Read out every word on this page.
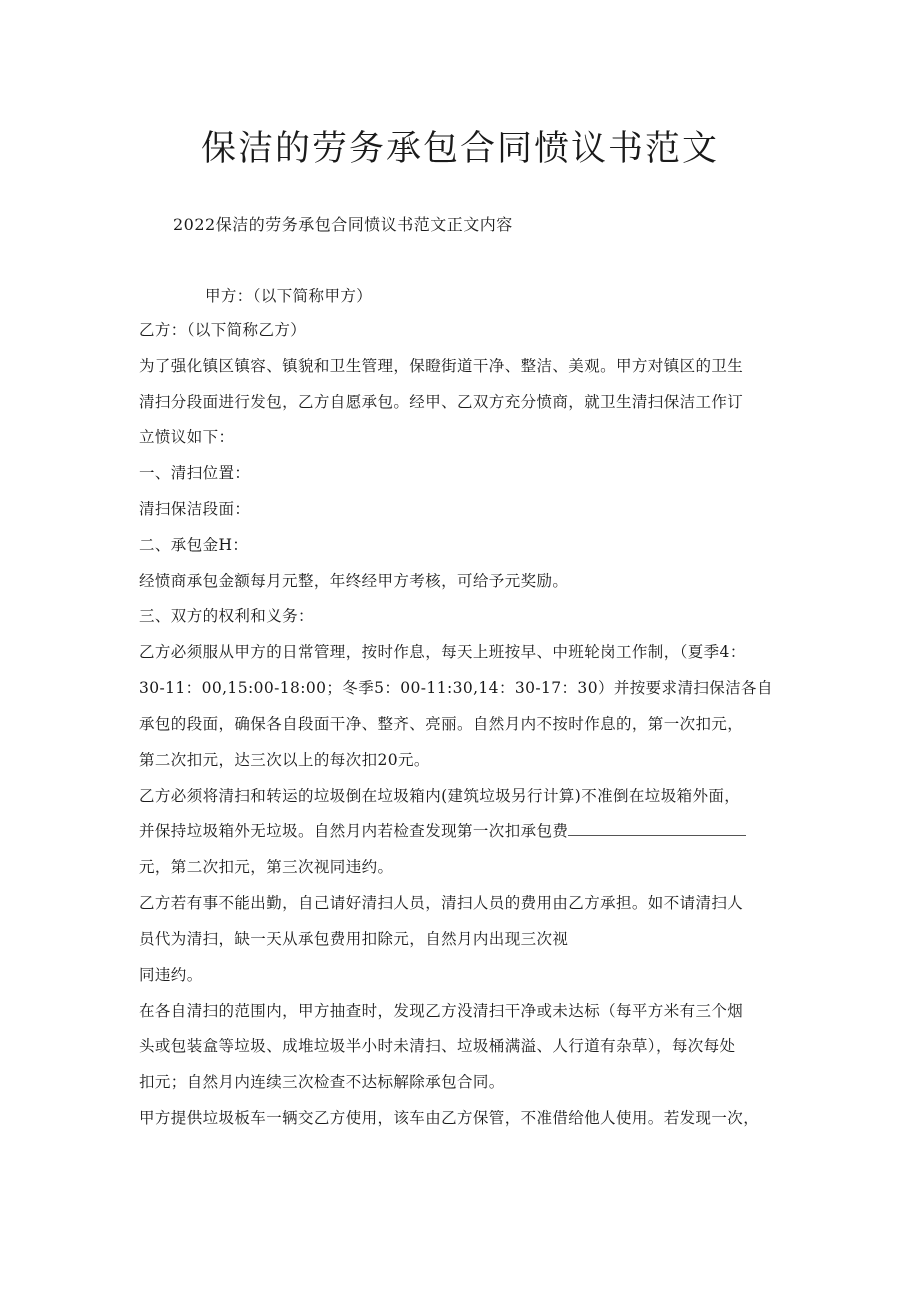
保洁的劳务承包合同愤议书范文
2022保洁的劳务承包合同愤议书范文正文内容
甲方：（以下简称甲方）
乙方：（以下简称乙方）
为了强化镇区镇容、镇貌和卫生管理，保瞪街道干净、整洁、美观。甲方对镇区的卫生
清扫分段面进行发包，乙方自愿承包。经甲、乙双方充分愤商，就卫生清扫保洁工作订
立愤议如下：
一、清扫位置：
清扫保洁段面：
二、承包金H：
经愤商承包金额每月元整，年终经甲方考核，可给予元奖励。
三、双方的权利和义务：
乙方必须服从甲方的日常管理，按时作息，每天上班按早、中班轮岗工作制，（夏季4：
30-11：00,15:00-18:00；冬季5：00-11:30,14：30-17：30）并按要求清扫保洁各自
承包的段面，确保各自段面干净、整齐、亮丽。自然月内不按时作息的，第一次扣元，
第二次扣元，达三次以上的每次扣20元。
乙方必须将清扫和转运的垃圾倒在垃圾箱内(建筑垃圾另行计算)不准倒在垃圾箱外面，
并保持垃圾箱外无垃圾。自然月内若检查发现第一次扣承包费
元，第二次扣元，第三次视同违约。
乙方若有事不能出勤，自己请好清扫人员，清扫人员的费用由乙方承担。如不请清扫人
员代为清扫，缺一天从承包费用扣除元，自然月内出现三次视
同违约。
在各自清扫的范围内，甲方抽查时，发现乙方没清扫干净或未达标（每平方米有三个烟
头或包装盒等垃圾、成堆垃圾半小时未清扫、垃圾桶满溢、人行道有杂草），每次每处
扣元；自然月内连续三次检查不达标解除承包合同。
甲方提供垃圾板车一辆交乙方使用，该车由乙方保管，不准借给他人使用。若发现一次，
